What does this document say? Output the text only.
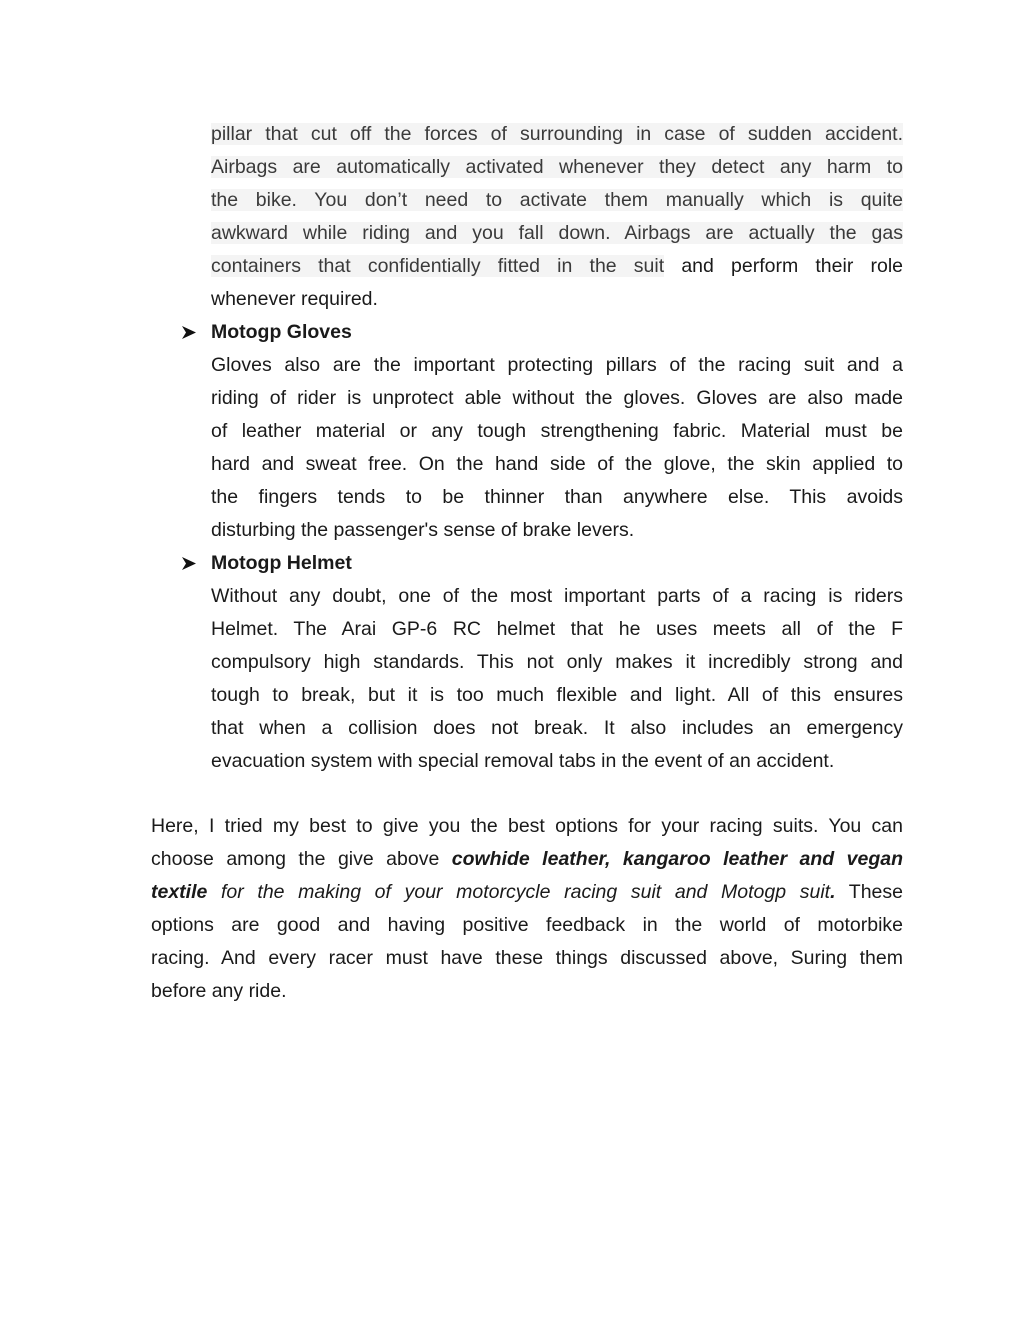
pillar that cut off the forces of surrounding in case of sudden accident.
Airbags are automatically activated whenever they detect any harm to
the bike. You don’t need to activate them manually which is quite
awkward while riding and you fall down. Airbags are actually the gas
containers that confidentially fitted in the suit and perform their role
whenever required.
Motogp Gloves
Gloves also are the important protecting pillars of the racing suit and a
riding of rider is unprotect able without the gloves. Gloves are also made
of leather material or any tough strengthening fabric. Material must be
hard and sweat free. On the hand side of the glove, the skin applied to
the fingers tends to be thinner than anywhere else. This avoids
disturbing the passenger's sense of brake levers.
Motogp Helmet
Without any doubt, one of the most important parts of a racing is riders
Helmet. The Arai GP-6 RC helmet that he uses meets all of the F
compulsory high standards. This not only makes it incredibly strong and
tough to break, but it is too much flexible and light. All of this ensures
that when a collision does not break. It also includes an emergency
evacuation system with special removal tabs in the event of an accident.
Here, I tried my best to give you the best options for your racing suits. You can
choose among the give above cowhide leather, kangaroo leather and vegan
textile for the making of your motorcycle racing suit and Motogp suit. These
options are good and having positive feedback in the world of motorbike
racing. And every racer must have these things discussed above, Suring them
before any ride.
